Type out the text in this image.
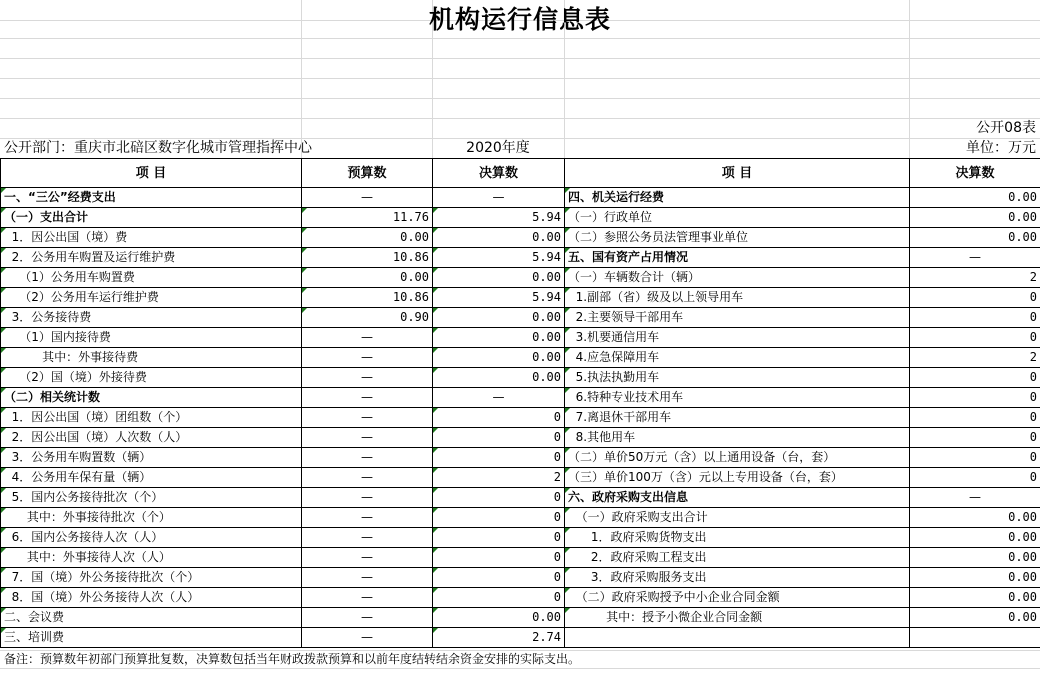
机构运行信息表
公开08表
公开部门：重庆市北碚区数字化城市管理指挥中心	2020年度	单位：万元
项 目	预算数	决算数	项 目	决算数
一、“三公”经费支出	—	—	四、机关运行经费	0.00
（一）支出合计	11.76	5.94	（一）行政单位	0.00
1．因公出国（境）费	0.00	0.00	（二）参照公务员法管理事业单位	0.00
2．公务用车购置及运行维护费	10.86	5.94	五、国有资产占用情况	—
（1）公务用车购置费	0.00	0.00	（一）车辆数合计（辆）	2
（2）公务用车运行维护费	10.86	5.94	1.副部（省）级及以上领导用车	0
3．公务接待费	0.90	0.00	2.主要领导干部用车	0
（1）国内接待费	—	0.00	3.机要通信用车	0
其中：外事接待费	—	0.00	4.应急保障用车	2
（2）国（境）外接待费	—	0.00	5.执法执勤用车	0
（二）相关统计数	—	—	6.特种专业技术用车	0
1．因公出国（境）团组数（个）	—	0	7.离退休干部用车	0
2．因公出国（境）人次数（人）	—	0	8.其他用车	0
3．公务用车购置数（辆）	—	0	（二）单价50万元（含）以上通用设备（台，套）	0
4．公务用车保有量（辆）	—	2	（三）单价100万（含）元以上专用设备（台，套）	0
5．国内公务接待批次（个）	—	0	六、政府采购支出信息	—
其中：外事接待批次（个）	—	0	（一）政府采购支出合计	0.00
6．国内公务接待人次（人）	—	0	1．政府采购货物支出	0.00
其中：外事接待人次（人）	—	0	2．政府采购工程支出	0.00
7．国（境）外公务接待批次（个）	—	0	3．政府采购服务支出	0.00
8．国（境）外公务接待人次（人）	—	0	（二）政府采购授予中小企业合同金额	0.00
二、会议费	—	0.00	其中：授予小微企业合同金额	0.00
三、培训费	—	2.74		
备注：预算数年初部门预算批复数，决算数包括当年财政拨款预算和以前年度结转结余资金安排的实际支出。
